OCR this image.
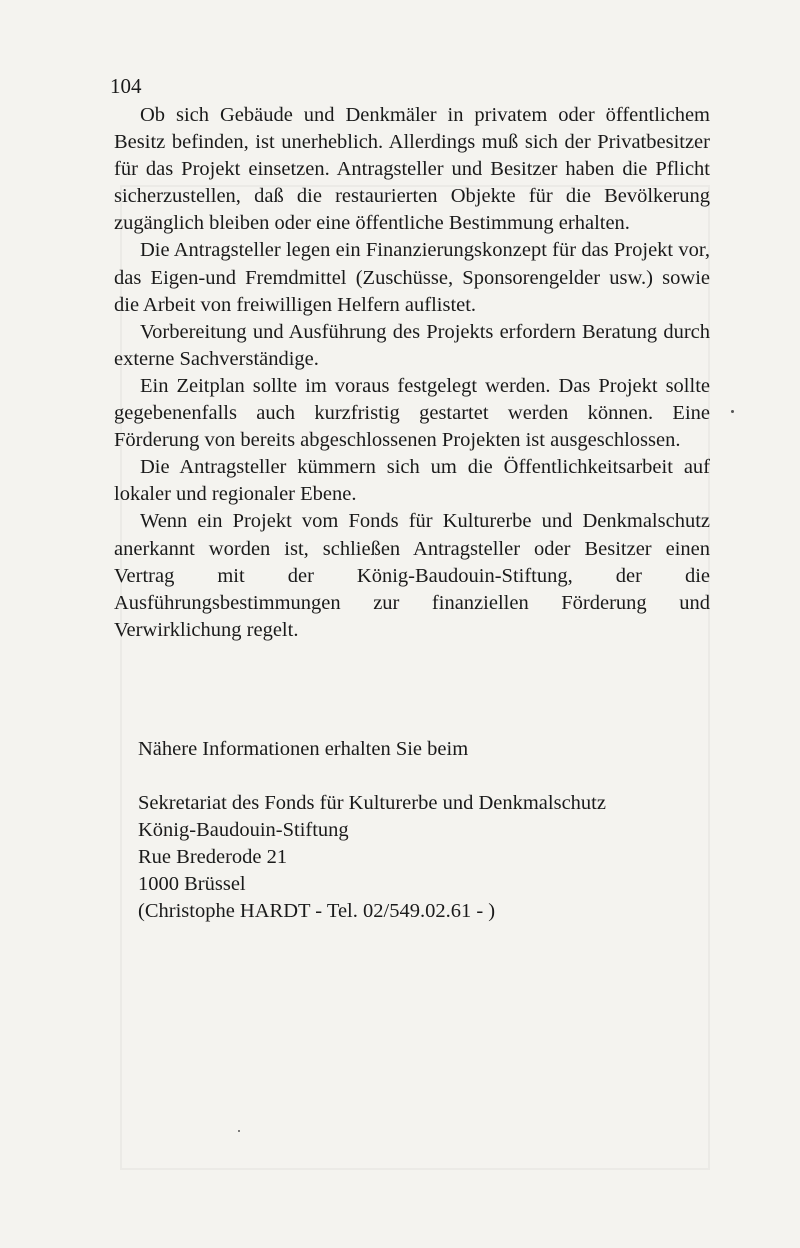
104

Ob sich Gebäude und Denkmäler in privatem oder öffentlichem Besitz befinden, ist unerheblich. Allerdings muß sich der Privatbesitzer für das Projekt einsetzen. Antragsteller und Besitzer haben die Pflicht sicherzustellen, daß die restaurierten Objekte für die Bevölkerung zugänglich bleiben oder eine öffentliche Bestimmung erhalten.

Die Antragsteller legen ein Finanzierungskonzept für das Projekt vor, das Eigen-und Fremdmittel (Zuschüsse, Sponsorengelder usw.) sowie die Arbeit von freiwilligen Helfern auflistet.

Vorbereitung und Ausführung des Projekts erfordern Beratung durch externe Sachverständige.

Ein Zeitplan sollte im voraus festgelegt werden. Das Projekt sollte gegebenenfalls auch kurzfristig gestartet werden können. Eine Förderung von bereits abgeschlossenen Projekten ist ausgeschlossen.

Die Antragsteller kümmern sich um die Öffentlichkeitsarbeit auf lokaler und regionaler Ebene.

Wenn ein Projekt vom Fonds für Kulturerbe und Denkmalschutz anerkannt worden ist, schließen Antragsteller oder Besitzer einen Vertrag mit der König-Baudouin-Stiftung, der die Ausführungsbestimmungen zur finanziellen Förderung und Verwirklichung regelt.

Nähere Informationen erhalten Sie beim
Sekretariat des Fonds für Kulturerbe und Denkmalschutz
König-Baudouin-Stiftung
Rue Brederode 21
1000 Brüssel
(Christophe HARDT - Tel. 02/549.02.61 - )
